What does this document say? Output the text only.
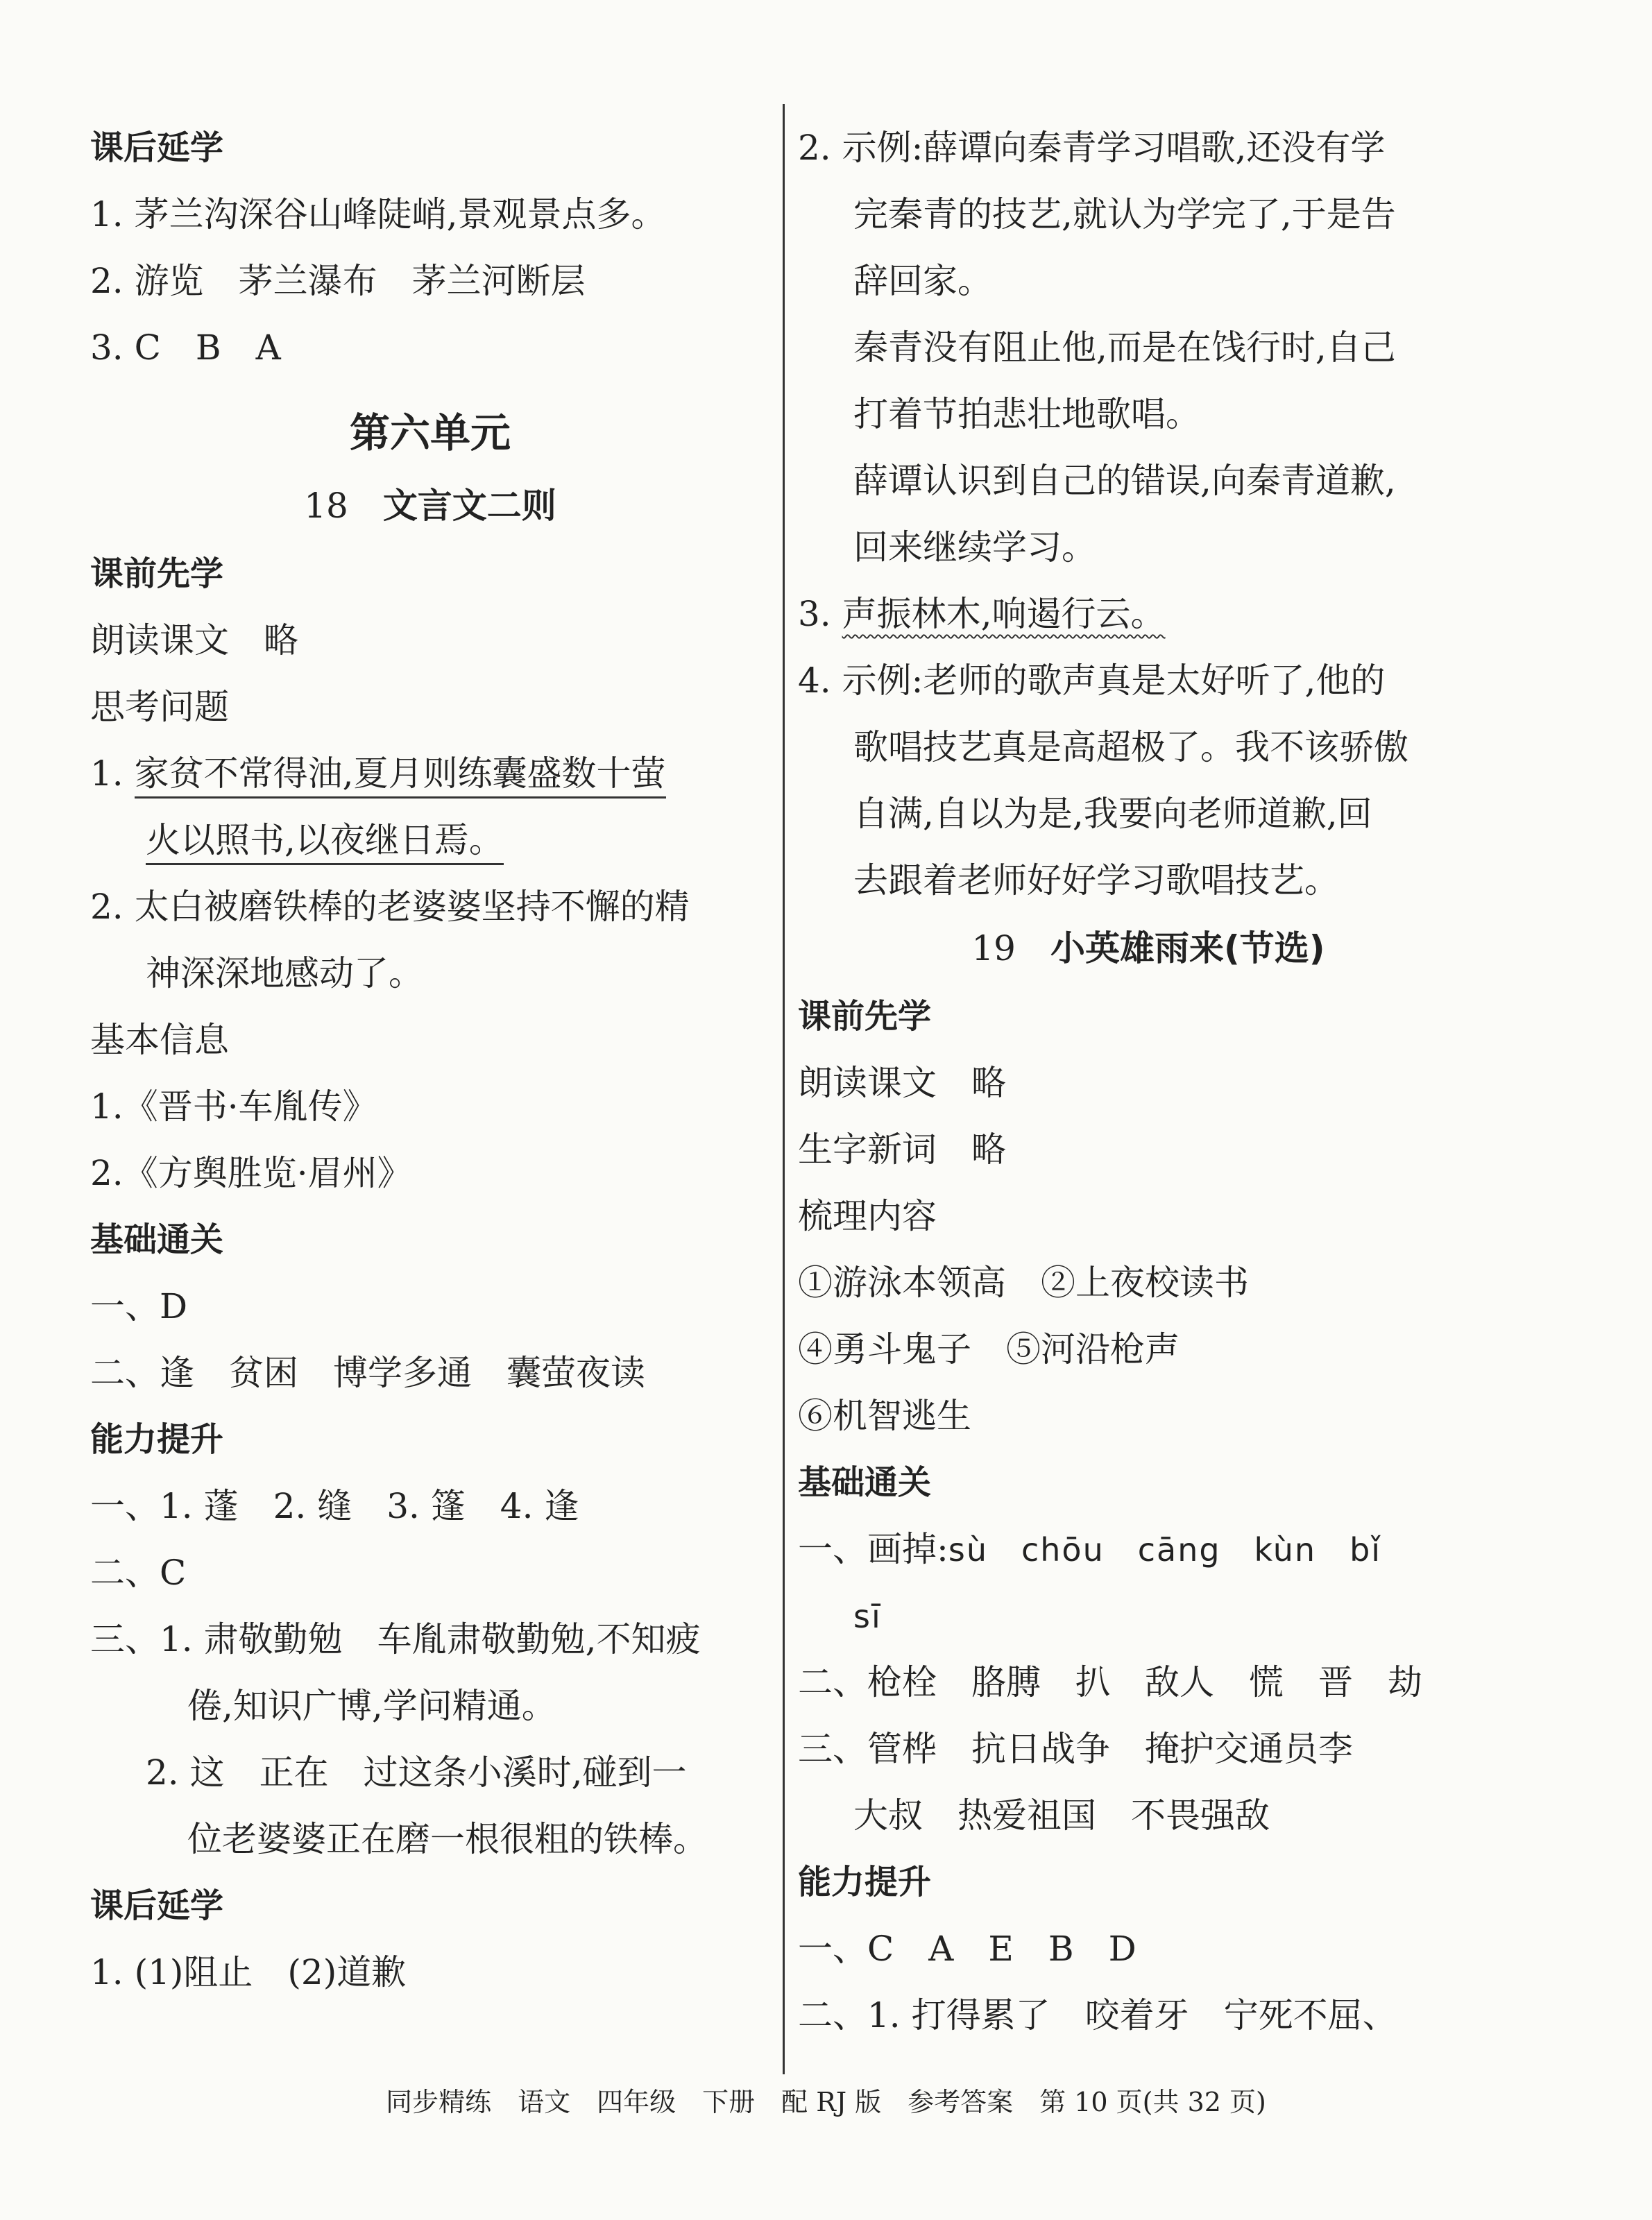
课后延学
1. 茅兰沟深谷山峰陡峭,景观景点多。
2. 游览　茅兰瀑布　茅兰河断层
3. C　B　A
第六单元
18 文言文二则
课前先学
朗读课文　略
思考问题
1. 家贫不常得油,夏月则练囊盛数十萤
火以照书,以夜继日焉。
2. 太白被磨铁棒的老婆婆坚持不懈的精
神深深地感动了。
基本信息
1.《晋书·车胤传》
2.《方舆胜览·眉州》
基础通关
一、D
二、逢　贫困　博学多通　囊萤夜读
能力提升
一、1. 蓬　2. 缝　3. 篷　4. 逢
二、C
三、1. 肃敬勤勉　车胤肃敬勤勉,不知疲
倦,知识广博,学问精通。
2. 这　正在　过这条小溪时,碰到一
位老婆婆正在磨一根很粗的铁棒。
课后延学
1. (1)阻止　(2)道歉
2. 示例:薛谭向秦青学习唱歌,还没有学
完秦青的技艺,就认为学完了,于是告
辞回家。
秦青没有阻止他,而是在饯行时,自己
打着节拍悲壮地歌唱。
薛谭认识到自己的错误,向秦青道歉,
回来继续学习。
3. 声振林木,响遏行云。
4. 示例:老师的歌声真是太好听了,他的
歌唱技艺真是高超极了。我不该骄傲
自满,自以为是,我要向老师道歉,回
去跟着老师好好学习歌唱技艺。
19 小英雄雨来(节选)
课前先学
朗读课文　略
生字新词　略
梳理内容
①游泳本领高　②上夜校读书
④勇斗鬼子　⑤河沿枪声
⑥机智逃生
基础通关
一、画掉:sù　chōu　cāng　kùn　bǐ
sī
二、枪栓　胳膊　扒　敌人　慌　晋　劫
三、管桦　抗日战争　掩护交通员李
大叔　热爱祖国　不畏强敌
能力提升
一、C　A　E　B　D
二、1. 打得累了　咬着牙　宁死不屈、
同步精练　语文　四年级　下册　配 RJ 版　参考答案　第 10 页(共 32 页)
